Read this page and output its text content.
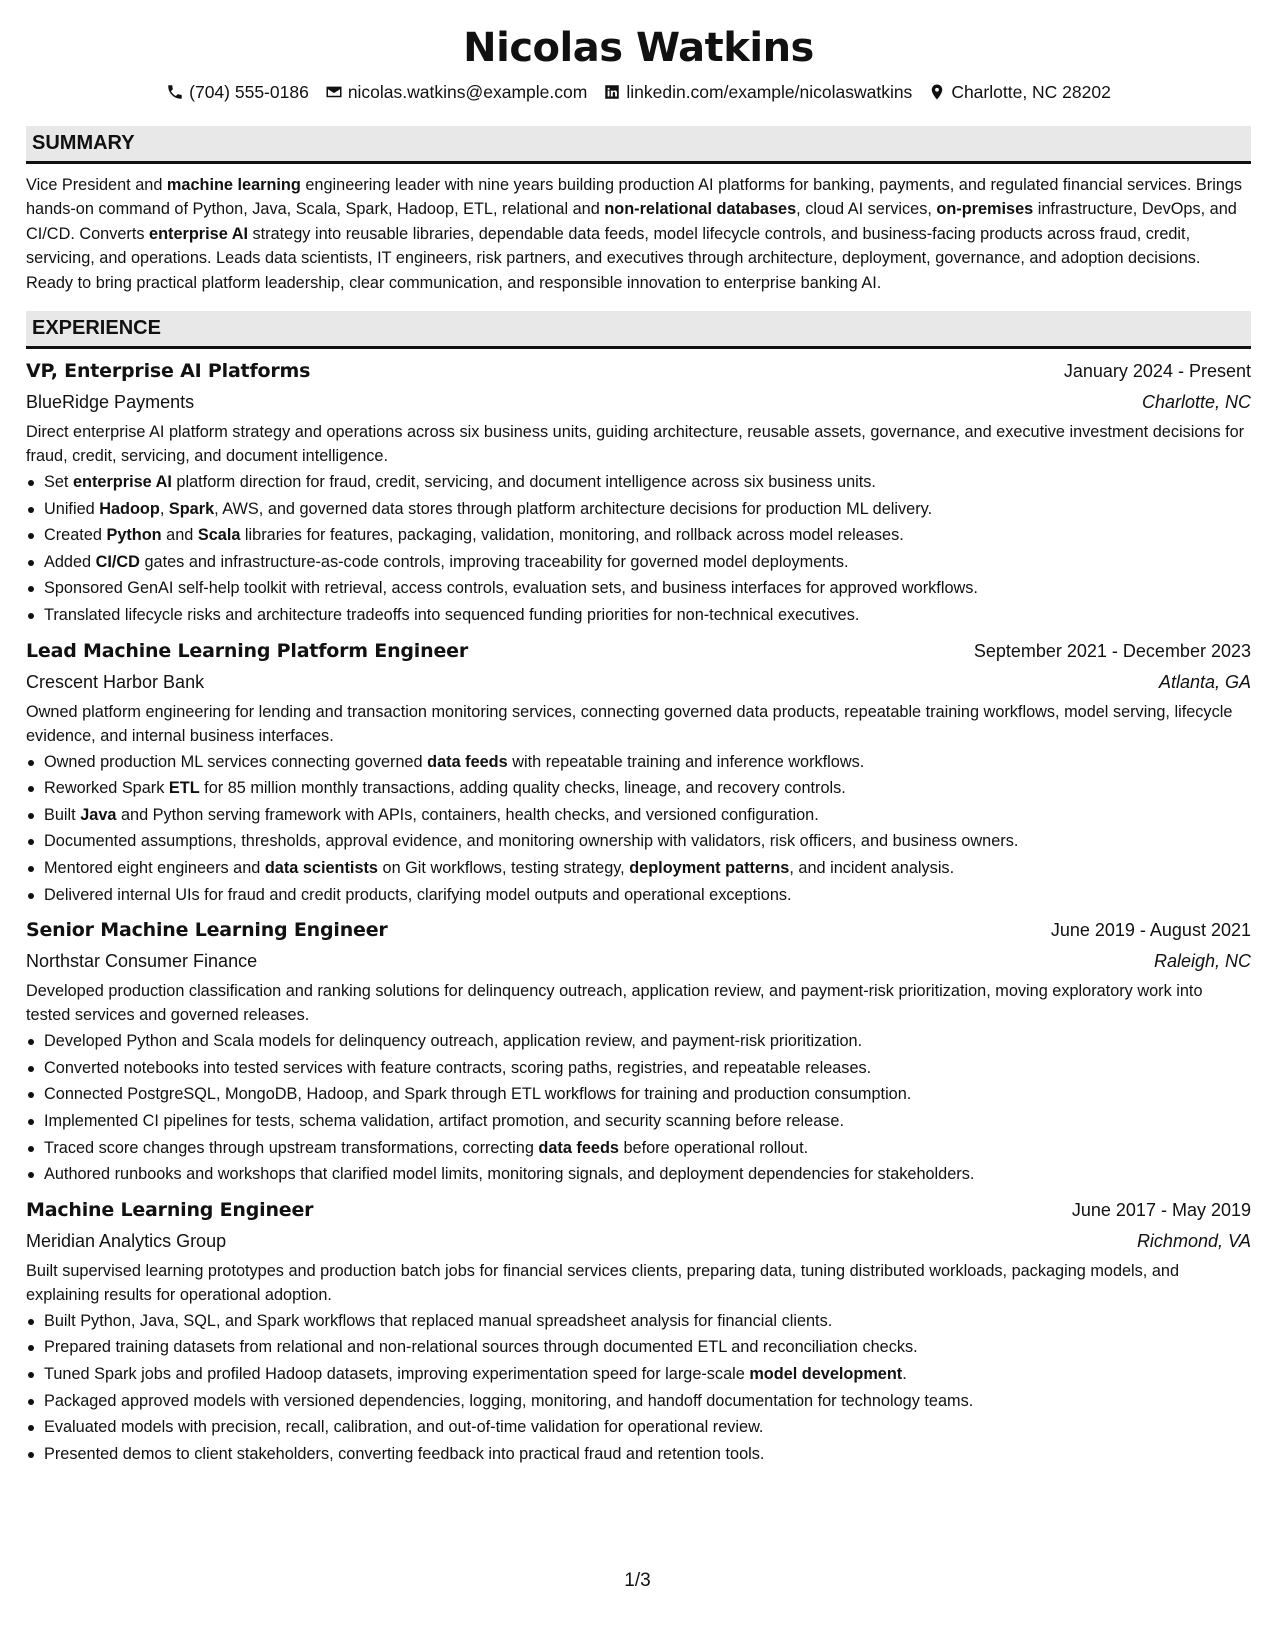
Nicolas Watkins
(704) 555-0186 nicolas.watkins@example.com linkedin.com/example/nicolaswatkins Charlotte, NC 28202
SUMMARY

Vice President and machine learning engineering leader with nine years building production AI platforms for banking, payments, and regulated financial services. Brings hands-on command of Python, Java, Scala, Spark, Hadoop, ETL, relational and non-relational databases, cloud AI services, on-premises infrastructure, DevOps, and CI/CD. Converts enterprise AI strategy into reusable libraries, dependable data feeds, model lifecycle controls, and business-facing products across fraud, credit, servicing, and operations. Leads data scientists, IT engineers, risk partners, and executives through architecture, deployment, governance, and adoption decisions. Ready to bring practical platform leadership, clear communication, and responsible innovation to enterprise banking AI.

EXPERIENCE
VP, Enterprise AI Platforms	January 2024 - Present
BlueRidge Payments	Charlotte, NC

Direct enterprise AI platform strategy and operations across six business units, guiding architecture, reusable assets, governance, and executive investment decisions for fraud, credit, servicing, and document intelligence.

Set enterprise AI platform direction for fraud, credit, servicing, and document intelligence across six business units.
Unified Hadoop, Spark, AWS, and governed data stores through platform architecture decisions for production ML delivery.
Created Python and Scala libraries for features, packaging, validation, monitoring, and rollback across model releases.
Added CI/CD gates and infrastructure-as-code controls, improving traceability for governed model deployments.
Sponsored GenAI self-help toolkit with retrieval, access controls, evaluation sets, and business interfaces for approved workflows.
Translated lifecycle risks and architecture tradeoffs into sequenced funding priorities for non-technical executives.
Lead Machine Learning Platform Engineer	September 2021 - December 2023
Crescent Harbor Bank	Atlanta, GA

Owned platform engineering for lending and transaction monitoring services, connecting governed data products, repeatable training workflows, model serving, lifecycle evidence, and internal business interfaces.

Owned production ML services connecting governed data feeds with repeatable training and inference workflows.
Reworked Spark ETL for 85 million monthly transactions, adding quality checks, lineage, and recovery controls.
Built Java and Python serving framework with APIs, containers, health checks, and versioned configuration.
Documented assumptions, thresholds, approval evidence, and monitoring ownership with validators, risk officers, and business owners.
Mentored eight engineers and data scientists on Git workflows, testing strategy, deployment patterns, and incident analysis.
Delivered internal UIs for fraud and credit products, clarifying model outputs and operational exceptions.
Senior Machine Learning Engineer	June 2019 - August 2021
Northstar Consumer Finance	Raleigh, NC

Developed production classification and ranking solutions for delinquency outreach, application review, and payment-risk prioritization, moving exploratory work into tested services and governed releases.

Developed Python and Scala models for delinquency outreach, application review, and payment-risk prioritization.
Converted notebooks into tested services with feature contracts, scoring paths, registries, and repeatable releases.
Connected PostgreSQL, MongoDB, Hadoop, and Spark through ETL workflows for training and production consumption.
Implemented CI pipelines for tests, schema validation, artifact promotion, and security scanning before release.
Traced score changes through upstream transformations, correcting data feeds before operational rollout.
Authored runbooks and workshops that clarified model limits, monitoring signals, and deployment dependencies for stakeholders.
Machine Learning Engineer	June 2017 - May 2019
Meridian Analytics Group	Richmond, VA

Built supervised learning prototypes and production batch jobs for financial services clients, preparing data, tuning distributed workloads, packaging models, and explaining results for operational adoption.

Built Python, Java, SQL, and Spark workflows that replaced manual spreadsheet analysis for financial clients.
Prepared training datasets from relational and non-relational sources through documented ETL and reconciliation checks.
Tuned Spark jobs and profiled Hadoop datasets, improving experimentation speed for large-scale model development.
Packaged approved models with versioned dependencies, logging, monitoring, and handoff documentation for technology teams.
Evaluated models with precision, recall, calibration, and out-of-time validation for operational review.
Presented demos to client stakeholders, converting feedback into practical fraud and retention tools.
1/3
